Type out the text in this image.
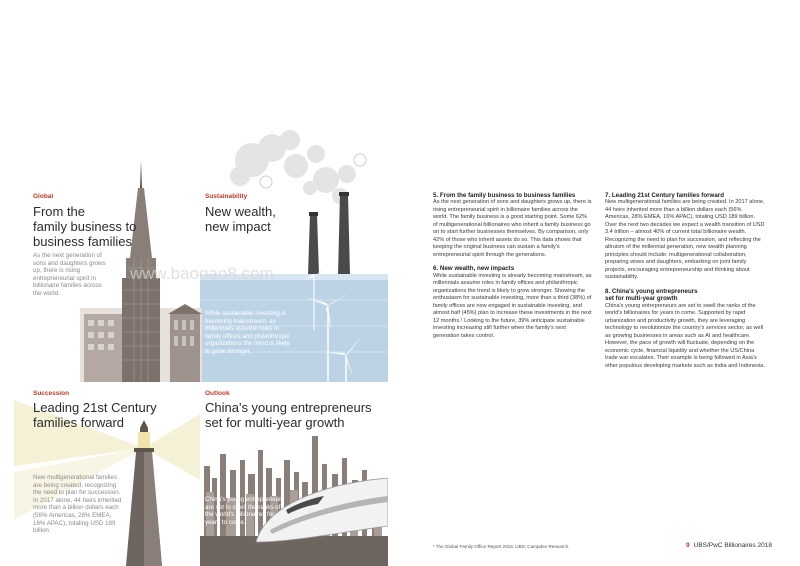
Global
From the
family business to
business families
As the next generation of sons and daughters grows up, there is rising entrepreneurial spirit in billionaire families across the world.
Sustainability
New wealth,
new impact
While sustainable investing is becoming mainstream, as millennials assume roles in family offices and philanthropic organizations the trend is likely to grow stronger.
Succession
Leading 21st Century
families forward
New multigenerational families are being created, recognizing the need to plan for succession. In 2017 alone, 44 heirs inherited more than a billion dollars each (56% Americas, 28% EMEA, 16% APAC), totaling USD 189 billion.
Outlook
China's young entrepreneurs
set for multi-year growth
China's young entrepreneurs are set to swell the ranks of the world's billionaires for years to come.
www.baogao8.com
5. From the family business to business families

As the next generation of sons and daughters grows up, there is rising entrepreneurial spirit in billionaire families across the world. The family business is a good starting point. Some 62% of multigenerational billionaires who inherit a family business go on to start further businesses themselves. By comparison, only 42% of those who inherit assets do so. This data shows that keeping the original business can sustain a family's entrepreneurial spirit through the generations.

6. New wealth, new impacts

While sustainable investing is already becoming mainstream, as millennials assume roles in family offices and philanthropic organizations the trend is likely to grow stronger. Showing the enthusiasm for sustainable investing, more than a third (38%) of family offices are now engaged in sustainable investing, and almost half (45%) plan to increase these investments in the next 12 months.¹ Looking to the future, 39% anticipate sustainable investing increasing still further when the family's next generation takes control.

7. Leading 21st Century families forward

New multigenerational families are being created. In 2017 alone, 44 heirs inherited more than a billion dollars each (56% Americas, 28% EMEA, 16% APAC), totaling USD 189 billion. Over the next two decades we expect a wealth transition of USD 3.4 trillion – almost 40% of current total billionaire wealth. Recognizing the need to plan for succession, and reflecting the altruism of the millennial generation, new wealth planning principles should include: multigenerational collaboration, preparing wives and daughters, embarking on joint family projects, encouraging entrepreneurship and thinking about sustainability.

8. China's young entrepreneurs
set for multi-year growth

China's young entrepreneurs are set to swell the ranks of the world's billionaires for years to come. Supported by rapid urbanization and productivity growth, they are leveraging technology to revolutionize the country's services sector, as well as growing businesses in areas such as AI and healthcare. However, the pace of growth will fluctuate, depending on the economic cycle, financial liquidity and whether the US/China trade war escalates. Their example is being followed in Asia's other populous developing markets such as India and Indonesia.

¹ The Global Family Office Report 2018. UBS; Campden Research.	9 UBS/PwC Billionaires 2018
